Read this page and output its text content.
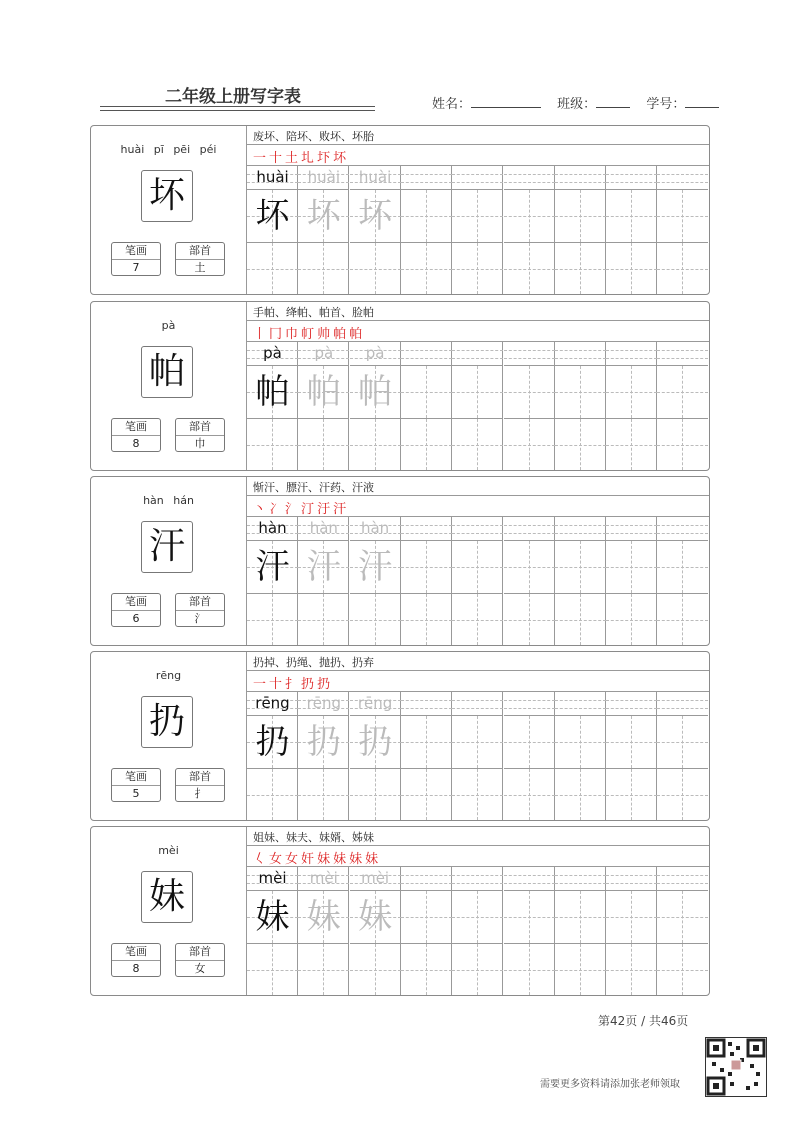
二年级上册写字表	姓名：	班级：	学号：
huài pī pēi péi
坏
笔画
7
部首
土
废坏、陪坏、败坏、坏胎
一十土圠圷坏
huài
坏
huài
坏
huài
坏
pà
帕
笔画
8
部首
巾
手帕、绛帕、帕首、脸帕
丨冂巾帄帅帕帕
pà
帕
pà
帕
pà
帕
hàn hán
汗
笔画
6
部首
氵
惭汗、膘汗、汗药、汗液
丶冫氵汀汙汗
hàn
汗
hàn
汗
hàn
汗
rēng
扔
笔画
5
部首
扌
扔掉、扔绳、抛扔、扔弃
一十扌扔扔
rēng
扔
rēng
扔
rēng
扔
mèi
妹
笔画
8
部首
女
姐妹、妹夫、妹婿、姊妹
𡿨女女奸妹妹妹妹
mèi
妹
mèi
妹
mèi
妹
第42页 / 共46页
需要更多资料请添加张老师领取
